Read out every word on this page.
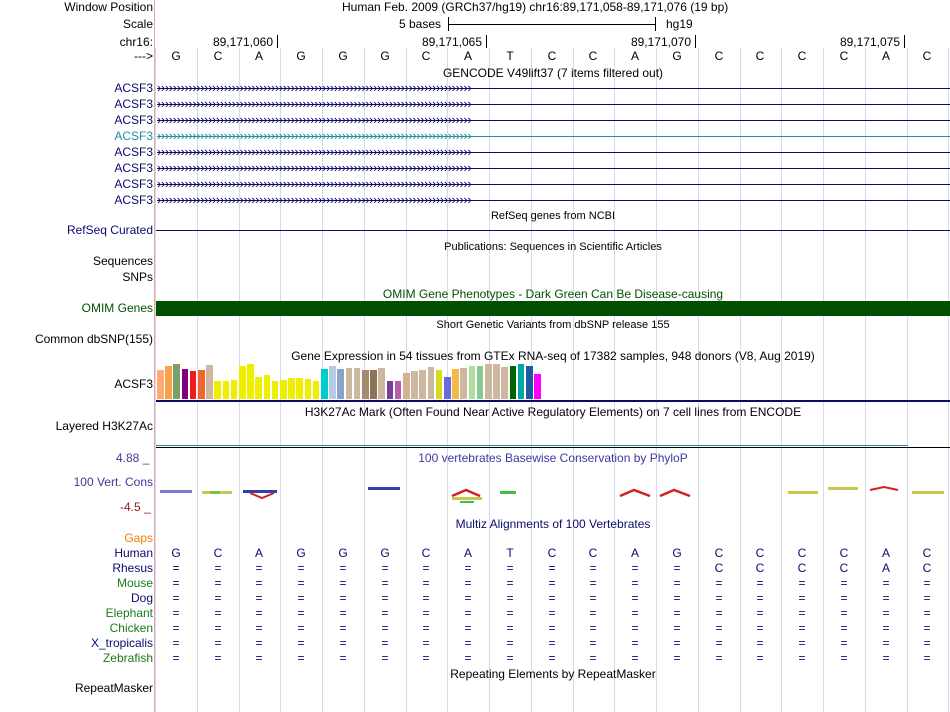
Window Position	Human Feb. 2009 (GRCh37/hg19) chr16:89,171,058-89,171,076 (19 bp)
Scale	5 bases	hg19
chr16:	89,171,060	89,171,065	89,171,070	89,171,075
---> G	C	A	G	G	G	C	A	T	C	C	A	G	C	C	C	C	A	C
GENCODE V49lift37 (7 items filtered out)
ACSF3 ››››››››››››››››››››››››››››››››››››››››››››››››››››››››››››››››››››››››››››››››
ACSF3 ››››››››››››››››››››››››››››››››››››››››››››››››››››››››››››››››››››››››››››››››
ACSF3 ››››››››››››››››››››››››››››››››››››››››››››››››››››››››››››››››››››››››››››››››
ACSF3 ››››››››››››››››››››››››››››››››››››››››››››››››››››››››››››››››››››››››››››››››
ACSF3 ››››››››››››››››››››››››››››››››››››››››››››››››››››››››››››››››››››››››››››››››
ACSF3 ››››››››››››››››››››››››››››››››››››››››››››››››››››››››››››››››››››››››››››››››
ACSF3 ››››››››››››››››››››››››››››››››››››››››››››››››››››››››››››››››››››››››››››››››
ACSF3 ››››››››››››››››››››››››››››››››››››››››››››››››››››››››››››››››››››››››››››››››
RefSeq genes from NCBI
RefSeq Curated
Publications: Sequences in Scientific Articles
Sequences
SNPs
OMIM Gene Phenotypes - Dark Green Can Be Disease-causing
OMIM Genes
Short Genetic Variants from dbSNP release 155
Common dbSNP(155)
Gene Expression in 54 tissues from GTEx RNA-seq of 17382 samples, 948 donors (V8, Aug 2019)
ACSF3
H3K27Ac Mark (Often Found Near Active Regulatory Elements) on 7 cell lines from ENCODE
Layered H3K27Ac
100 vertebrates Basewise Conservation by PhyloP
4.88 _
100 Vert. Cons
-4.5 _
Multiz Alignments of 100 Vertebrates
Gaps
Human G	C	A	G	G	G	C	A	T	C	C	A	G	C	C	C	C	A	C
Rhesus	=	=	=	=	=	=	=	=	=	=	=	=	=	C	C	C	C	A	C
Mouse	=	=	=	=	=	=	=	=	=	=	=	=	=	=	=	=	=	=	=
Dog	=	=	=	=	=	=	=	=	=	=	=	=	=	=	=	=	=	=	=
Elephant	=	=	=	=	=	=	=	=	=	=	=	=	=	=	=	=	=	=	=
Chicken	=	=	=	=	=	=	=	=	=	=	=	=	=	=	=	=	=	=	=
X_tropicalis	=	=	=	=	=	=	=	=	=	=	=	=	=	=	=	=	=	=	=
Zebrafish	=	=	=	=	=	=	=	=	=	=	=	=	=	=	=	=	=	=	=
Repeating Elements by RepeatMasker
RepeatMasker
